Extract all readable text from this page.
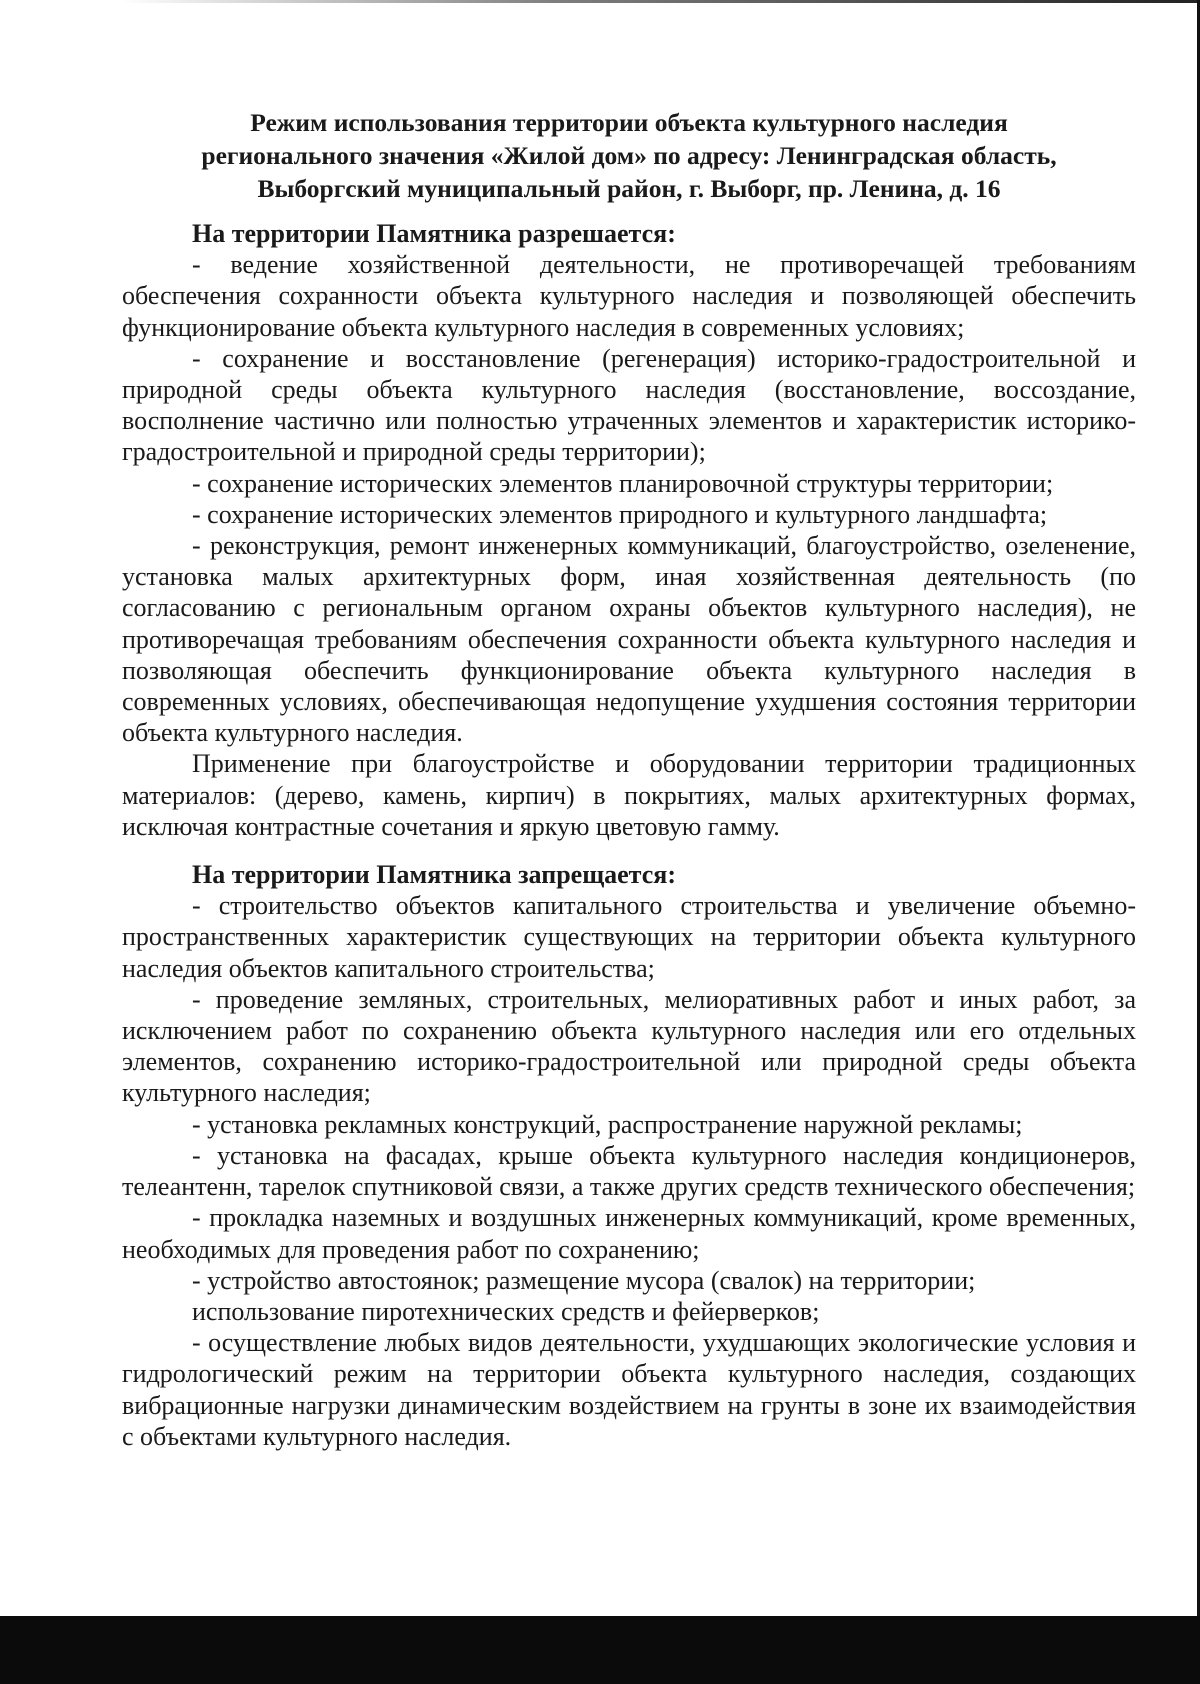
Режим использования территории объекта культурного наследия
регионального значения «Жилой дом» по адресу: Ленинградская область,
Выборгский муниципальный район, г. Выборг, пр. Ленина, д. 16

На территории Памятника разрешается:

- ведение хозяйственной деятельности, не противоречащей требованиям обеспечения сохранности объекта культурного наследия и позволяющей обеспечить функционирование объекта культурного наследия в современных условиях;

- сохранение и восстановление (регенерация) историко-градостроительной и природной среды объекта культурного наследия (восстановление, воссоздание, восполнение частично или полностью утраченных элементов и характеристик историко-градостроительной и природной среды территории);

- сохранение исторических элементов планировочной структуры территории;

- сохранение исторических элементов природного и культурного ландшафта;

- реконструкция, ремонт инженерных коммуникаций, благоустройство, озеленение, установка малых архитектурных форм, иная хозяйственная деятельность (по согласованию с региональным органом охраны объектов культурного наследия), не противоречащая требованиям обеспечения сохранности объекта культурного наследия и позволяющая обеспечить функционирование объекта культурного наследия в современных условиях, обеспечивающая недопущение ухудшения состояния территории объекта культурного наследия.

Применение при благоустройстве и оборудовании территории традиционных материалов: (дерево, камень, кирпич) в покрытиях, малых архитектурных формах, исключая контрастные сочетания и яркую цветовую гамму.

На территории Памятника запрещается:

- строительство объектов капитального строительства и увеличение объемно-пространственных характеристик существующих на территории объекта культурного наследия объектов капитального строительства;

- проведение земляных, строительных, мелиоративных работ и иных работ, за исключением работ по сохранению объекта культурного наследия или его отдельных элементов, сохранению историко-градостроительной или природной среды объекта культурного наследия;

- установка рекламных конструкций, распространение наружной рекламы;

- установка на фасадах, крыше объекта культурного наследия кондиционеров, телеантенн, тарелок спутниковой связи, а также других средств технического обеспечения;

- прокладка наземных и воздушных инженерных коммуникаций, кроме временных, необходимых для проведения работ по сохранению;

- устройство автостоянок; размещение мусора (свалок) на территории;

использование пиротехнических средств и фейерверков;

- осуществление любых видов деятельности, ухудшающих экологические условия и гидрологический режим на территории объекта культурного наследия, создающих вибрационные нагрузки динамическим воздействием на грунты в зоне их взаимодействия с объектами культурного наследия.
